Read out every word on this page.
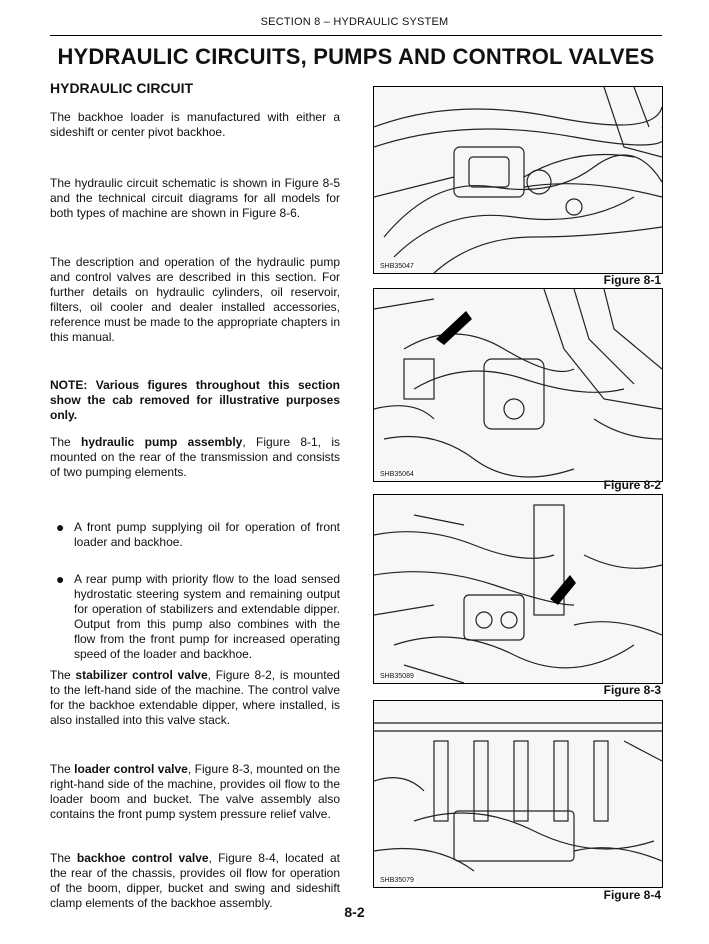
SECTION 8 – HYDRAULIC SYSTEM
HYDRAULIC CIRCUITS, PUMPS AND CONTROL VALVES
HYDRAULIC CIRCUIT
The backhoe loader is manufactured with either a sideshift or center pivot backhoe.
The hydraulic circuit schematic is shown in Figure 8-5 and the technical circuit diagrams for all models for both types of machine are shown in Figure 8-6.
The description and operation of the hydraulic pump and control valves are described in this section. For further details on hydraulic cylinders, oil reservoir, filters, oil cooler and dealer installed accessories, reference must be made to the appropriate chapters in this manual.
NOTE: Various figures throughout this section show the cab removed for illustrative purposes only.
The hydraulic pump assembly, Figure 8-1, is mounted on the rear of the transmission and consists of two pumping elements.
● A front pump supplying oil for operation of front loader and backhoe.
● A rear pump with priority flow to the load sensed hydrostatic steering system and remaining output for operation of stabilizers and extendable dipper. Output from this pump also combines with the flow from the front pump for increased operating speed of the loader and backhoe.
The stabilizer control valve, Figure 8-2, is mounted to the left-hand side of the machine. The control valve for the backhoe extendable dipper, where installed, is also installed into this valve stack.
The loader control valve, Figure 8-3, mounted on the right-hand side of the machine, provides oil flow to the loader boom and bucket. The valve assembly also contains the front pump system pressure relief valve.
The backhoe control valve, Figure 8-4, located at the rear of the chassis, provides oil flow for operation of the boom, dipper, bucket and swing and sideshift clamp elements of the backhoe assembly.
SHB35047
Figure 8-1
SHB35064
Figure 8-2
SHB35089
Figure 8-3
SHB35079
Figure 8-4
8-2
